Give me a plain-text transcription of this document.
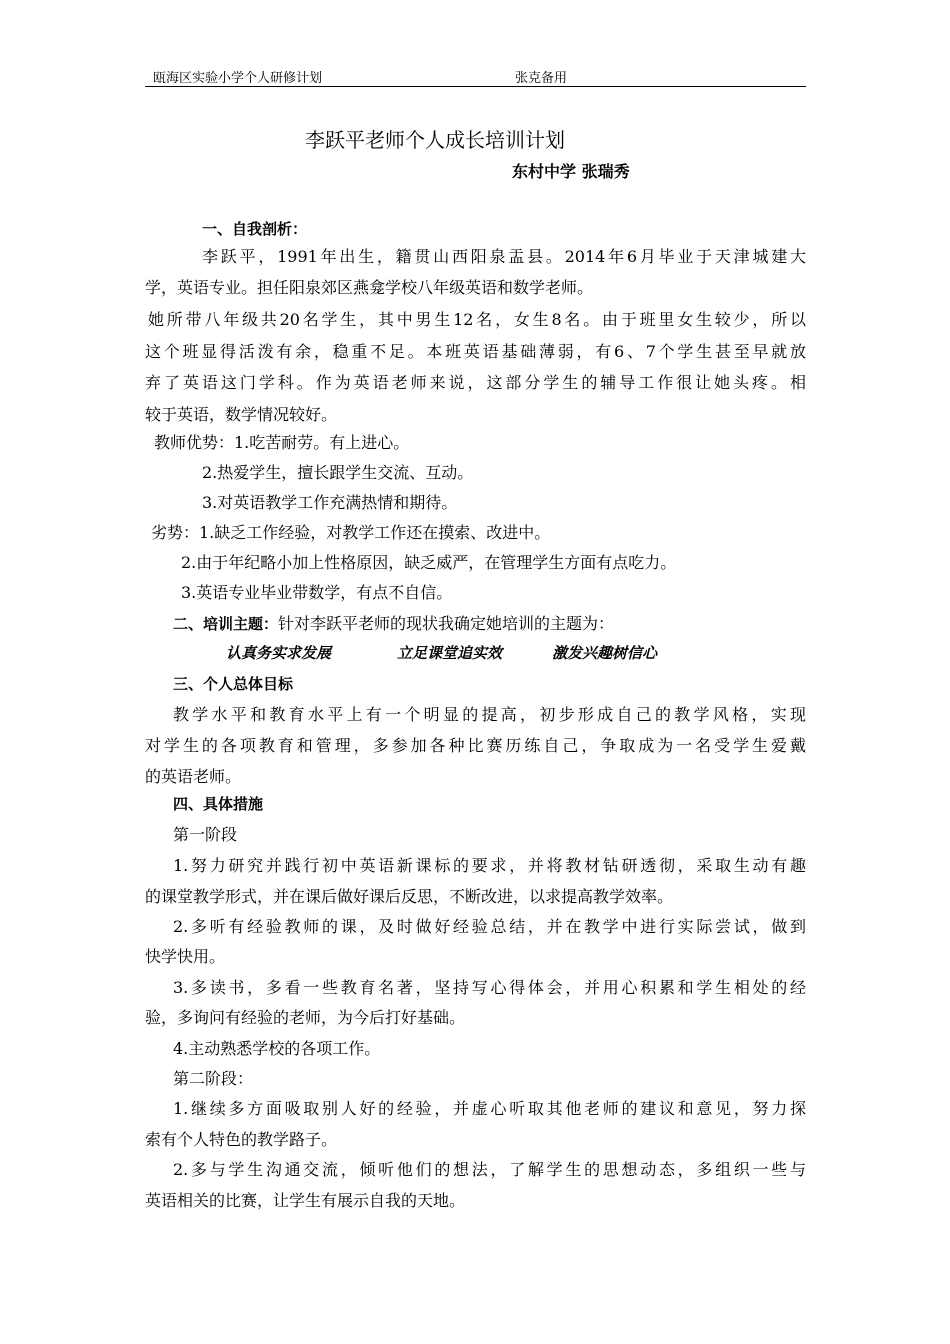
瓯海区实验小学个人研修计划	张克备用
李跃平老师个人成长培训计划
东村中学 张瑞秀
一、自我剖析：
李跃平，1991年出生，籍贯山西阳泉盂县。2014年6月毕业于天津城建大
学，英语专业。担任阳泉郊区燕龛学校八年级英语和数学老师。
她所带八年级共20名学生，其中男生12名，女生8名。由于班里女生较少，所以
这个班显得活泼有余，稳重不足。本班英语基础薄弱，有6、7个学生甚至早就放
弃了英语这门学科。作为英语老师来说，这部分学生的辅导工作很让她头疼。相
较于英语，数学情况较好。
教师优势：1.吃苦耐劳。有上进心。
2.热爱学生，擅长跟学生交流、互动。
3.对英语教学工作充满热情和期待。
劣势：1.缺乏工作经验，对教学工作还在摸索、改进中。
2.由于年纪略小加上性格原因，缺乏威严，在管理学生方面有点吃力。
3.英语专业毕业带数学，有点不自信。
二、培训主题：针对李跃平老师的现状我确定她培训的主题为：
认真务实求发展	立足课堂追实效	激发兴趣树信心
三、个人总体目标
教学水平和教育水平上有一个明显的提高，初步形成自己的教学风格，实现
对学生的各项教育和管理，多参加各种比赛历练自己，争取成为一名受学生爱戴
的英语老师。
四、具体措施
第一阶段
1.努力研究并践行初中英语新课标的要求，并将教材钻研透彻，采取生动有趣
的课堂教学形式，并在课后做好课后反思，不断改进，以求提高教学效率。
2.多听有经验教师的课，及时做好经验总结，并在教学中进行实际尝试，做到
快学快用。
3.多读书，多看一些教育名著，坚持写心得体会，并用心积累和学生相处的经
验，多询问有经验的老师，为今后打好基础。
4.主动熟悉学校的各项工作。
第二阶段：
1.继续多方面吸取别人好的经验，并虚心听取其他老师的建议和意见，努力探
索有个人特色的教学路子。
2.多与学生沟通交流，倾听他们的想法，了解学生的思想动态，多组织一些与
英语相关的比赛，让学生有展示自我的天地。
